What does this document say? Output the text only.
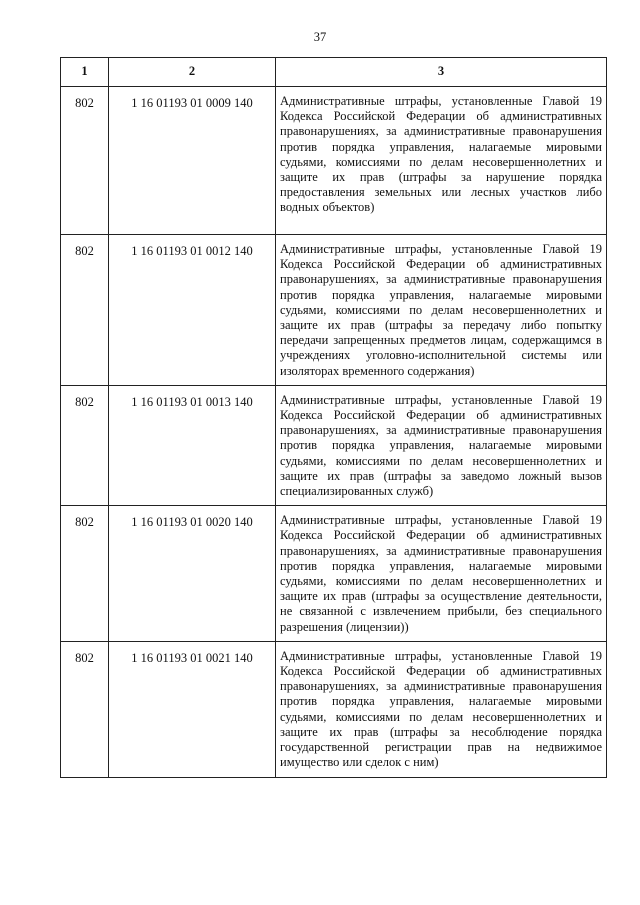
37
1	2	3
802	1 16 01193 01 0009 140	Административные штрафы, установленные Главой 19 Кодекса Российской Федерации об административных правонарушениях, за административные правонарушения против порядка управления, налагаемые мировыми судьями, комиссиями по делам несовершеннолетних и защите их прав (штрафы за нарушение порядка предоставления земельных или лесных участков либо водных объектов)
802	1 16 01193 01 0012 140	Административные штрафы, установленные Главой 19 Кодекса Российской Федерации об административных правонарушениях, за административные правонарушения против порядка управления, налагаемые мировыми судьями, комиссиями по делам несовершеннолетних и защите их прав (штрафы за передачу либо попытку передачи запрещенных предметов лицам, содержащимся в учреждениях уголовно-исполнительной системы или изоляторах временного содержания)
802	1 16 01193 01 0013 140	Административные штрафы, установленные Главой 19 Кодекса Российской Федерации об административных правонарушениях, за административные правонарушения против порядка управления, налагаемые мировыми судьями, комиссиями по делам несовершеннолетних и защите их прав (штрафы за заведомо ложный вызов специализированных служб)
802	1 16 01193 01 0020 140	Административные штрафы, установленные Главой 19 Кодекса Российской Федерации об административных правонарушениях, за административные правонарушения против порядка управления, налагаемые мировыми судьями, комиссиями по делам несовершеннолетних и защите их прав (штрафы за осуществление деятельности, не связанной с извлечением прибыли, без специального разрешения (лицензии))
802	1 16 01193 01 0021 140	Административные штрафы, установленные Главой 19 Кодекса Российской Федерации об административных правонарушениях, за административные правонарушения против порядка управления, налагаемые мировыми судьями, комиссиями по делам несовершеннолетних и защите их прав (штрафы за несоблюдение порядка государственной регистрации прав на недвижимое имущество или сделок с ним)
